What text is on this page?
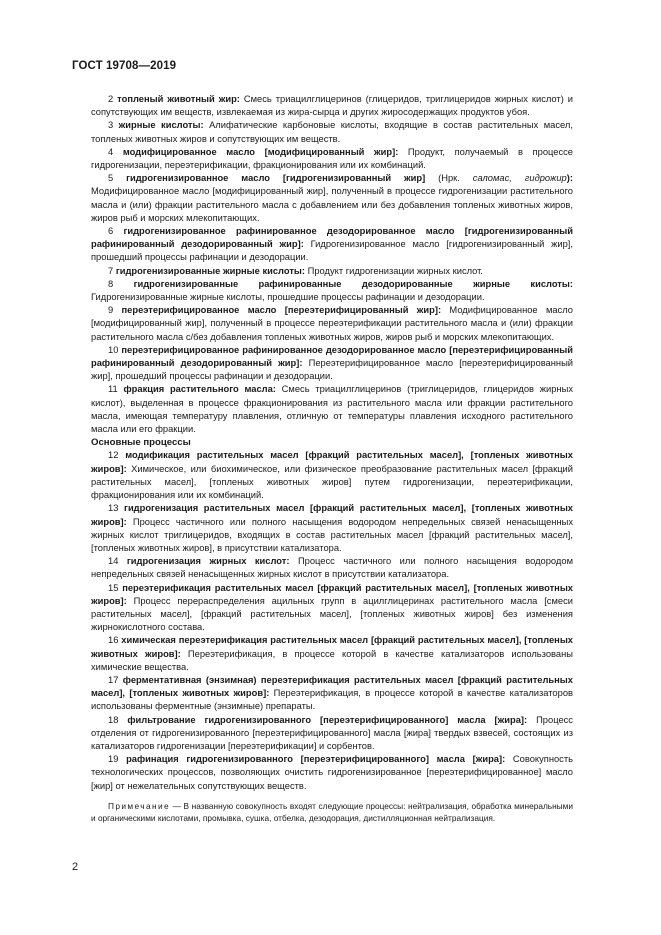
ГОСТ 19708—2019

2 топленый животный жир: Смесь триацилглицеринов (глицеридов, триглицеридов жирных кислот) и сопутствующих им веществ, извлекаемая из жира-сырца и других жиросодержащих продуктов убоя.

3 жирные кислоты: Алифатические карбоновые кислоты, входящие в состав растительных масел, топленых животных жиров и сопутствующих им веществ.

4 модифицированное масло [модифицированный жир]: Продукт, получаемый в процессе гидрогенизации, переэтерификации, фракционирования или их комбинаций.

5 гидрогенизированное масло [гидрогенизированный жир] (Нрк. саломас, гидрожир): Модифицированное масло [модифицированный жир], полученный в процессе гидрогенизации растительного масла и (или) фракции растительного масла с добавлением или без добавления топленых животных жиров, жиров рыб и морских млекопитающих.

6 гидрогенизированное рафинированное дезодорированное масло [гидрогенизированный рафинированный дезодорированный жир]: Гидрогенизированное масло [гидрогенизированный жир], прошедший процессы рафинации и дезодорации.

7 гидрогенизированные жирные кислоты: Продукт гидрогенизации жирных кислот.

8 гидрогенизированные рафинированные дезодорированные жирные кислоты: Гидрогенизированные жирные кислоты, прошедшие процессы рафинации и дезодорации.

9 переэтерифицированное масло [переэтерифицированный жир]: Модифицированное масло [модифицированный жир], полученный в процессе переэтерификации растительного масла и (или) фракции растительного масла с/без добавления топленых животных жиров, жиров рыб и морских млекопитающих.

10 переэтерифицированное рафинированное дезодорированное масло [переэтерифицированный рафинированный дезодорированный жир]: Переэтерифицированное масло [переэтерифицированный жир], прошедший процессы рафинации и дезодорации.

11 фракция растительного масла: Смесь триацилглицеринов (триглицеридов, глицеридов жирных кислот), выделенная в процессе фракционирования из растительного масла или фракции растительного масла, имеющая температуру плавления, отличную от температуры плавления исходного растительного масла или его фракции.

Основные процессы

12 модификация растительных масел [фракций растительных масел], [топленых животных жиров]: Химическое, или биохимическое, или физическое преобразование растительных масел [фракций растительных масел], [топленых животных жиров] путем гидрогенизации, переэтерификации, фракционирования или их комбинаций.

13 гидрогенизация растительных масел [фракций растительных масел], [топленых животных жиров]: Процесс частичного или полного насыщения водородом непредельных связей ненасыщенных жирных кислот триглицеридов, входящих в состав растительных масел [фракций растительных масел], [топленых животных жиров], в присутствии катализатора.

14 гидрогенизация жирных кислот: Процесс частичного или полного насыщения водородом непредельных связей ненасыщенных жирных кислот в присутствии катализатора.

15 переэтерификация растительных масел [фракций растительных масел], [топленых животных жиров]: Процесс перераспределения ацильных групп в ацилглицеринах растительного масла [смеси растительных масел], [фракций растительных масел], [топленых животных жиров] без изменения жирнокислотного состава.

16 химическая переэтерификация растительных масел [фракций растительных масел], [топленых животных жиров]: Переэтерификация, в процессе которой в качестве катализаторов использованы химические вещества.

17 ферментативная (энзимная) переэтерификация растительных масел [фракций растительных масел], [топленых животных жиров]: Переэтерификация, в процессе которой в качестве катализаторов использованы ферментные (энзимные) препараты.

18 фильтрование гидрогенизированного [переэтерифицированного] масла [жира]: Процесс отделения от гидрогенизированного [переэтерифицированного] масла [жира] твердых взвесей, состоящих из катализаторов гидрогенизации [переэтерификации] и сорбентов.

19 рафинация гидрогенизированного [переэтерифицированного] масла [жира]: Совокупность технологических процессов, позволяющих очистить гидрогенизированное [переэтерифицированное] масло [жир] от нежелательных сопутствующих веществ.

Примечание — В названную совокупность входят следующие процессы: нейтрализация, обработка минеральными и органическими кислотами, промывка, сушка, отбелка, дезодорация, дистилляционная нейтрализация.

2
